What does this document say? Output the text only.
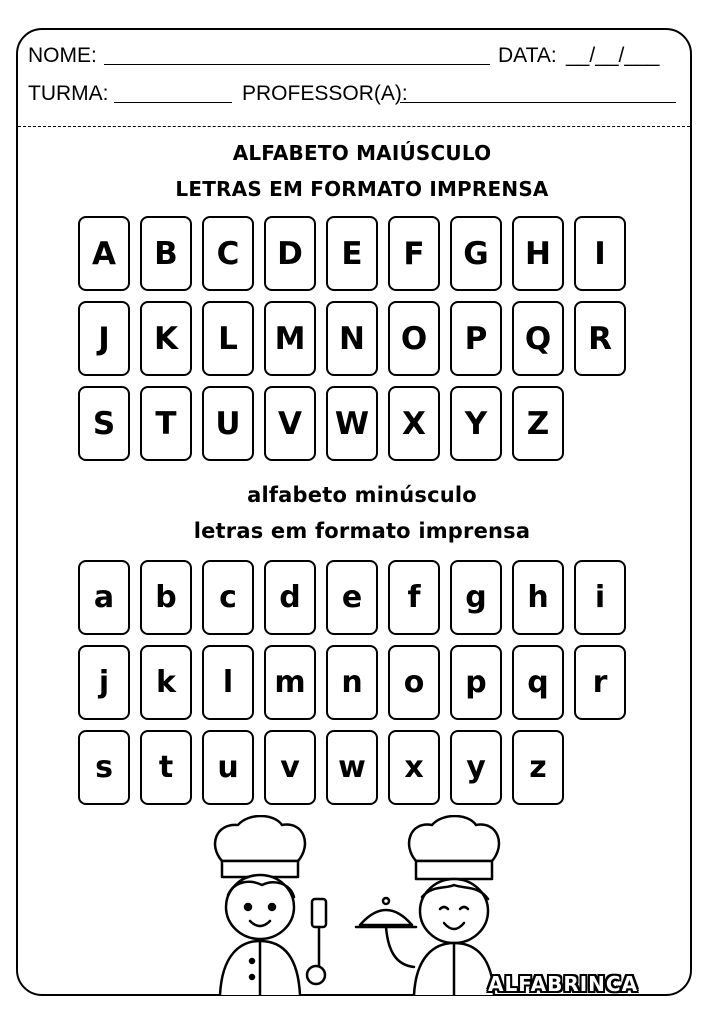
NOME:	DATA: __/__/___
TURMA:	PROFESSOR(A):
ALFABETO MAIÚSCULO
LETRAS EM FORMATO IMPRENSA
A	B	C	D	E	F	G	H	I
J	K	L	M	N	O	P	Q	R
S	T	U	V	W	X	Y	Z
alfabeto minúsculo
letras em formato imprensa
a	b	c	d	e	f	g	h	i
j	k	l	m	n	o	p	q	r
s	t	u	v	w	x	y	z
ALFABRINCA
